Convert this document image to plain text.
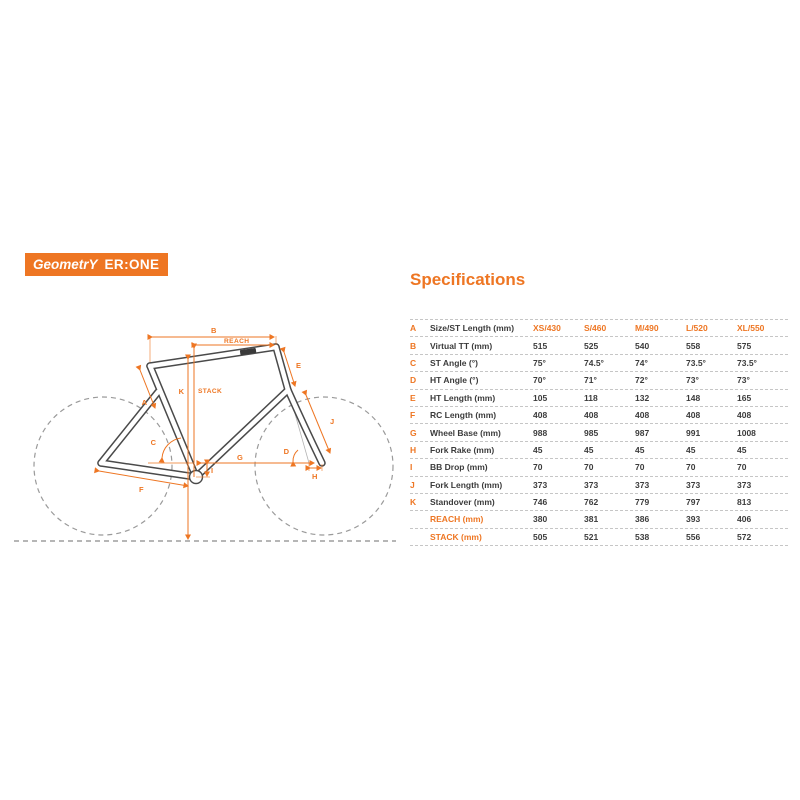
GeometrY ER:ONE
B
REACH
K STACK
E
A
C
G
I
F
D
H
J
Specifications
A	Size/ST Length (mm)	XS/430	S/460	M/490	L/520	XL/550
B	Virtual TT (mm)	515	525	540	558	575
C	ST Angle (°)	75°	74.5°	74°	73.5°	73.5°
D	HT Angle (°)	70°	71°	72°	73°	73°
E	HT Length (mm)	105	118	132	148	165
F	RC Length (mm)	408	408	408	408	408
G	Wheel Base (mm)	988	985	987	991	1008
H	Fork Rake (mm)	45	45	45	45	45
I	BB Drop (mm)	70	70	70	70	70
J	Fork Length (mm)	373	373	373	373	373
K	Standover (mm)	746	762	779	797	813
REACH (mm)	380	381	386	393	406
STACK (mm)	505	521	538	556	572
